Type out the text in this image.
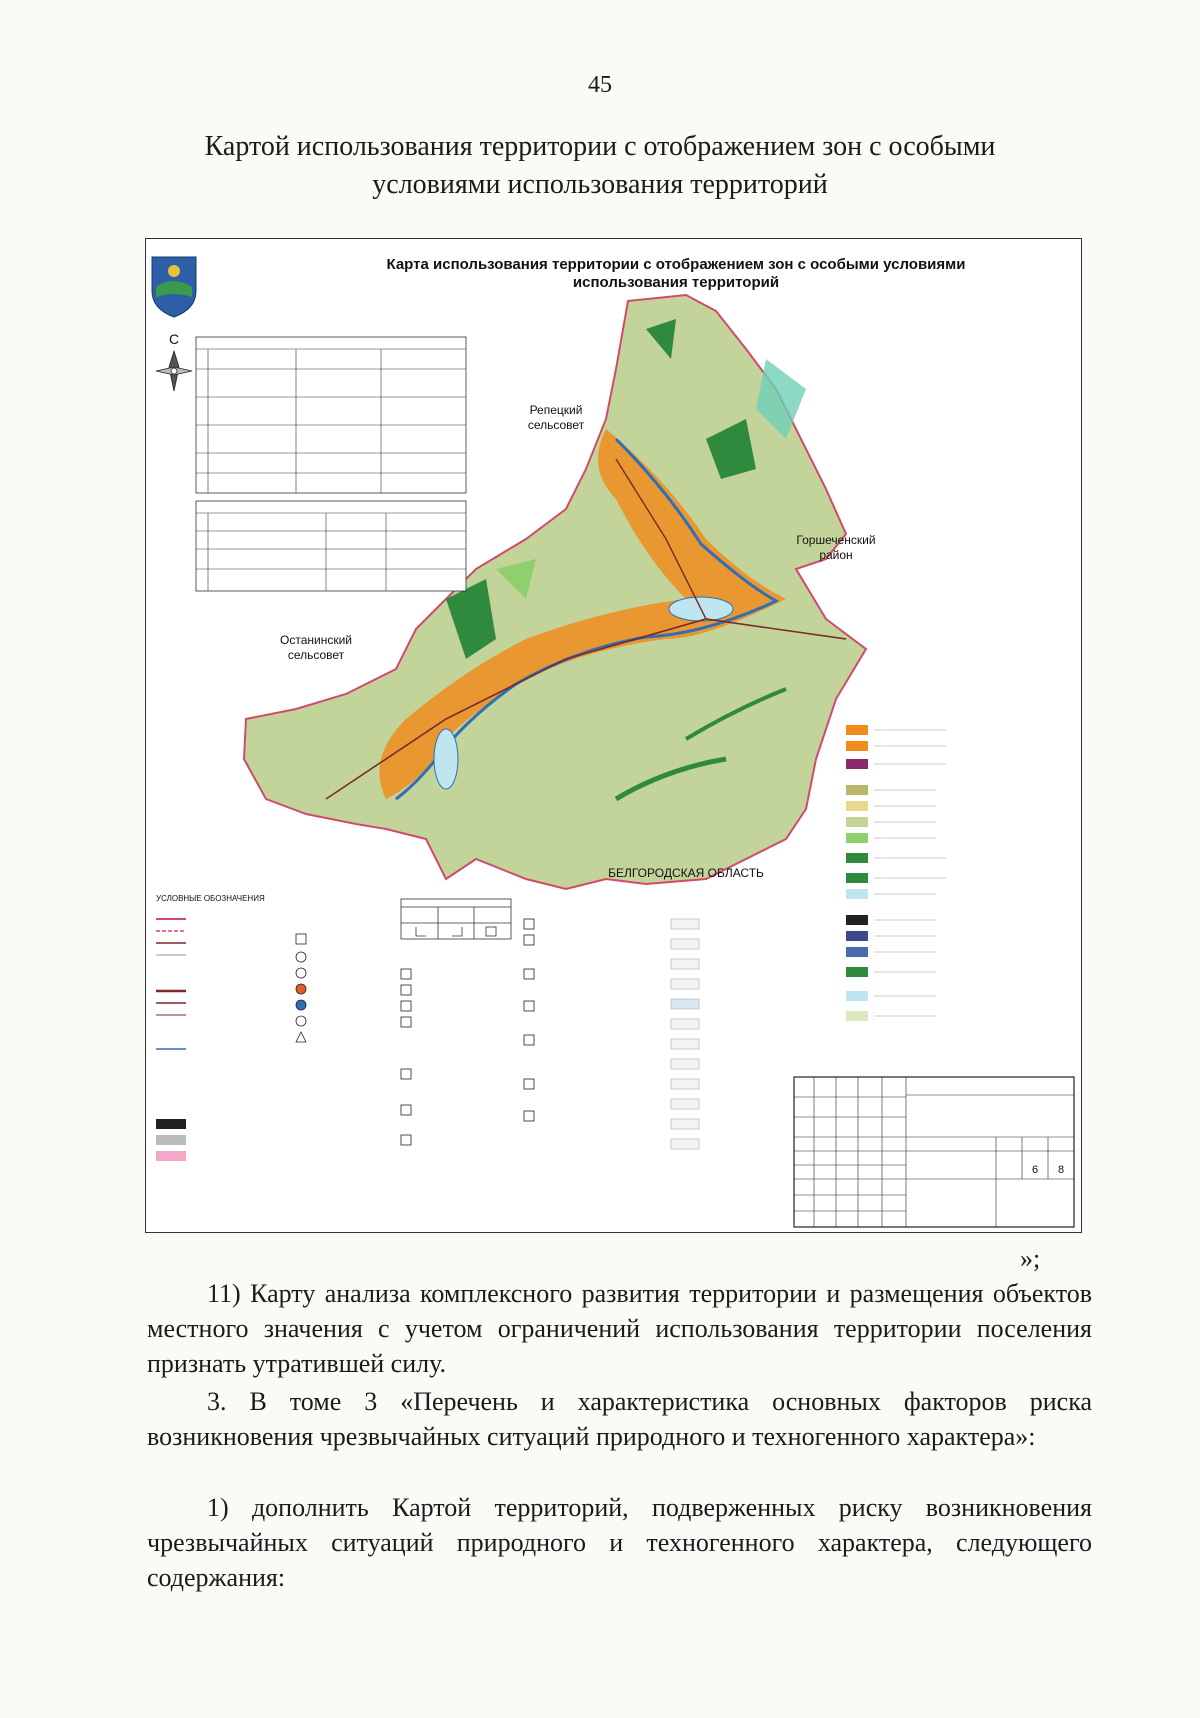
45
Картой использования территории с отображением зон с особыми
условиями использования территорий
С
Карта использования территории с отображением зон с особыми условиями
использования территорий
Репецкий
сельсовет
Горшеченский
район
Останинский
сельсовет
БЕЛГОРОДСКАЯ ОБЛАСТЬ
УСЛОВНЫЕ ОБОЗНАЧЕНИЯ
6 8
»;

11) Карту анализа комплексного развития территории и размещения объектов местного значения с учетом ограничений использования территории поселения признать утратившей силу.

3. В томе 3 «Перечень и характеристика основных факторов риска возникновения чрезвычайных ситуаций природного и техногенного характера»:

1) дополнить Картой территорий, подверженных риску возникновения чрезвычайных ситуаций природного и техногенного характера, следующего содержания:
